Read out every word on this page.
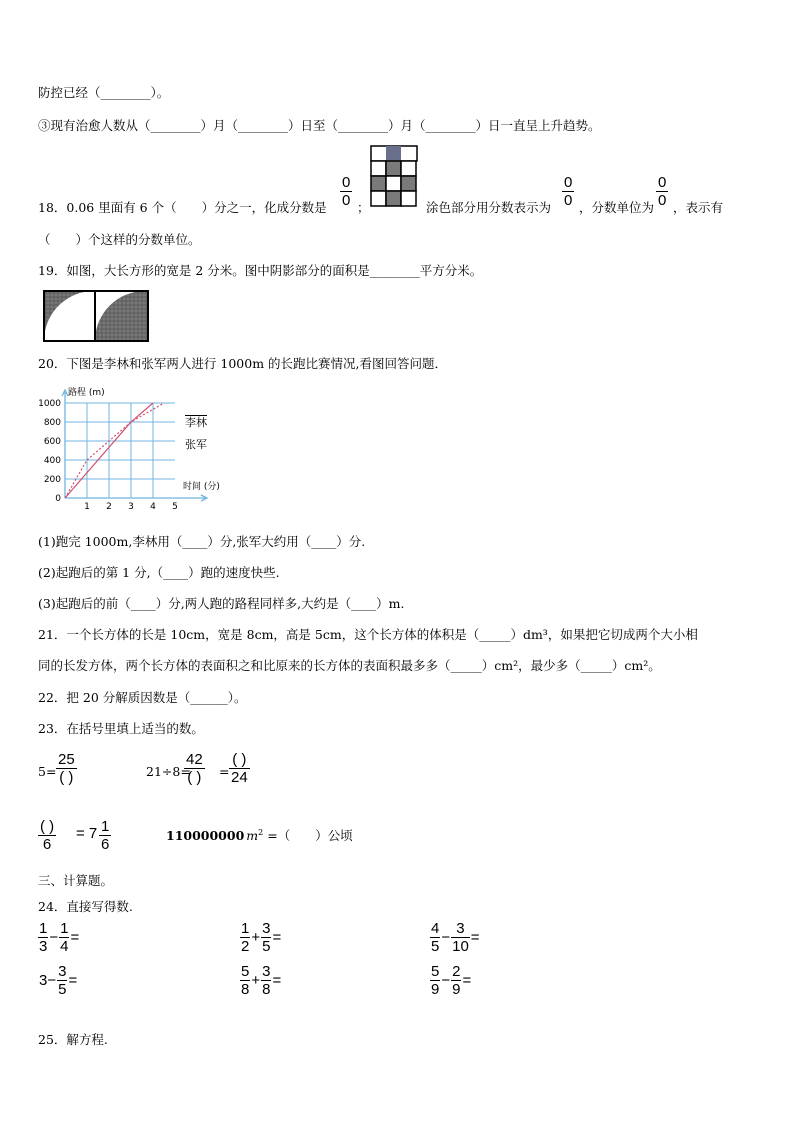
防控已经（________）。
③现有治愈人数从（________）月（________）日至（________）月（________）日一直呈上升趋势。
18．0.06 里面有 6 个（　　）分之一，化成分数是
0
0 ；	涂色部分用分数表示为
0
0 ，分数单位为
0
0 ，表示有
（　　）个这样的分数单位。
19．如图，大长方形的宽是 2 分米。图中阴影部分的面积是________平方分米。
20．下图是李林和张军两人进行 1000m 的长跑比赛情况,看图回答问题．
0
200
400
600
800
1000
1 2 3 4 5
路程 (m)
时间 (分)
李林
张军
(1)跑完 1000m,李林用（____）分,张军大约用（____）分.
(2)起跑后的第 1 分,（____）跑的速度快些.
(3)起跑后的前（____）分,两人跑的路程同样多,大约是（____）m.
21．一个长方体的长是 10cm，宽是 8cm，高是 5cm，这个长方体的体积是（_____）dm³，如果把它切成两个大小相
同的长发方体，两个长方体的表面积之和比原来的长方体的表面积最多多（_____）cm²，最少多（_____）cm²。
22．把 20 分解质因数是（______）。
23．在括号里填上适当的数。
5=
25
( )	21÷8=
42
( ) =
( )
24
( )
6
= 7 1
6
110000000 $m^2$ =（　　）公顷
三、计算题。
24．直接写得数.
1
3
−
1
4
=
1
2
+
3
5
=
4
5
−
3
10
=
3−
3
5
=
5
8
+
3
8
=
5
9
−
2
9
=
25．解方程.
